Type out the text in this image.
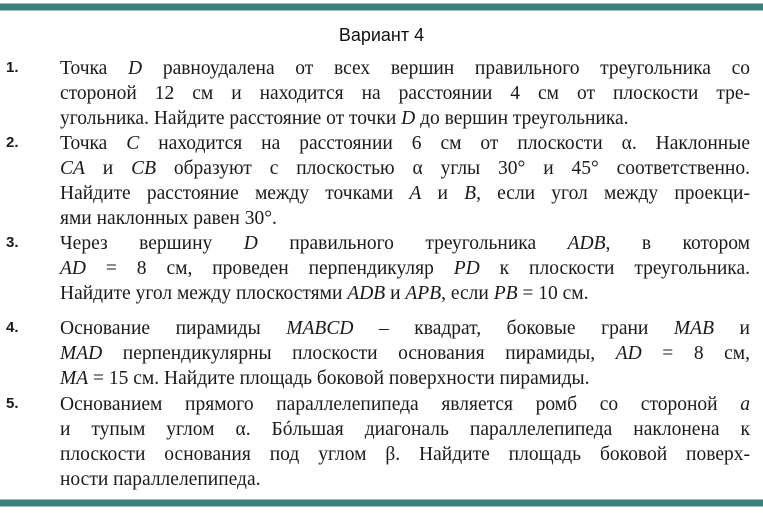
Вариант 4
1. Точка D равноудалена от всех вершин правильного треугольника со
стороной 12 см и находится на расстоянии 4 см от плоскости тре-
угольника. Найдите расстояние от точки D до вершин треугольника.
2. Точка C находится на расстоянии 6 см от плоскости α. Наклонные
CA и CB образуют с плоскостью α углы 30° и 45° соответственно.
Найдите расстояние между точками A и B, если угол между проекци-
ями наклонных равен 30°.
3. Через вершину D правильного треугольника ADB, в котором
AD = 8 см, проведен перпендикуляр PD к плоскости треугольника.
Найдите угол между плоскостями ADB и APB, если PB = 10 см.
4. Основание пирамиды MABCD – квадрат, боковые грани MAB и
MAD перпендикулярны плоскости основания пирамиды, AD = 8 см,
MA = 15 см. Найдите площадь боковой поверхности пирамиды.
5. Основанием прямого параллелепипеда является ромб со стороной a
и тупым углом α. Бóльшая диагональ параллелепипеда наклонена к
плоскости основания под углом β. Найдите площадь боковой поверх-
ности параллелепипеда.
